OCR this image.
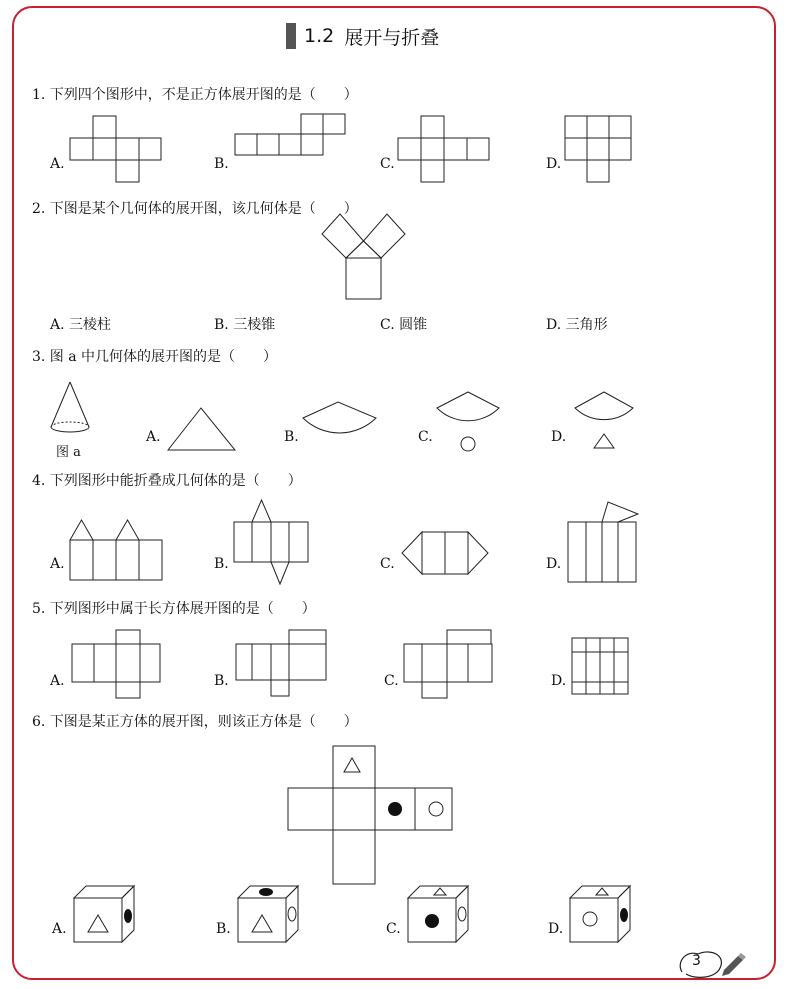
1.2 展开与折叠
1. 下列四个图形中，不是正方体展开图的是（　　）
A.	B.	C.	D.
2. 下图是某个几何体的展开图，该几何体是（　　）
A. 三棱柱	B. 三棱锥	C. 圆锥	D. 三角形
3. 图 a 中几何体的展开图的是（　　）
图 a
A.	B.	C.	D.
4. 下列图形中能折叠成几何体的是（　　）
A.	B.	C.	D.
5. 下列图形中属于长方体展开图的是（　　）
A.	B.	C.	D.
6. 下图是某正方体的展开图，则该正方体是（　　）
A.	B.	C.	D.
3
